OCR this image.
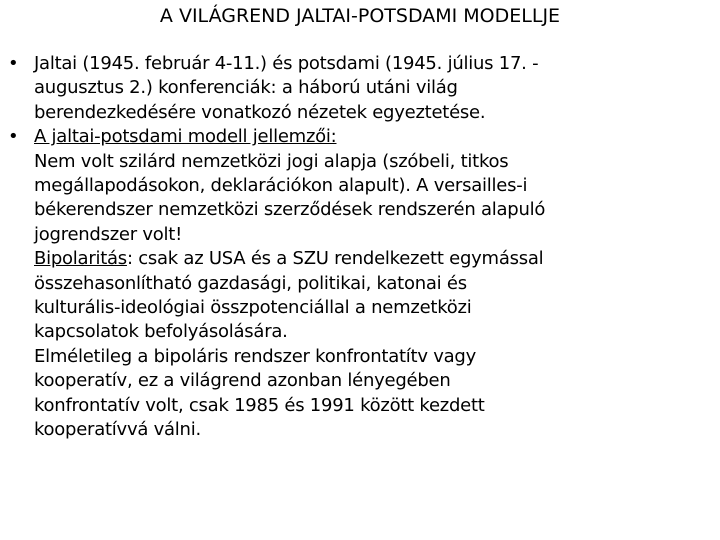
A VILÁGREND JALTAI-POTSDAMI MODELLJE
• Jaltai (1945. február 4-11.) és potsdami (1945. július 17. -
augusztus 2.) konferenciák: a háború utáni világ
berendezkedésére vonatkozó nézetek egyeztetése.
• A jaltai-potsdami modell jellemzői:
Nem volt szilárd nemzetközi jogi alapja (szóbeli, titkos
megállapodásokon, deklarációkon alapult). A versailles-i
békerendszer nemzetközi szerződések rendszerén alapuló
jogrendszer volt!
Bipolaritás: csak az USA és a SZU rendelkezett egymással
összehasonlítható gazdasági, politikai, katonai és
kulturális-ideológiai összpotenciállal a nemzetközi
kapcsolatok befolyásolására.
Elméletileg a bipoláris rendszer konfrontatítv vagy
kooperatív, ez a világrend azonban lényegében
konfrontatív volt, csak 1985 és 1991 között kezdett
kooperatívvá válni.
